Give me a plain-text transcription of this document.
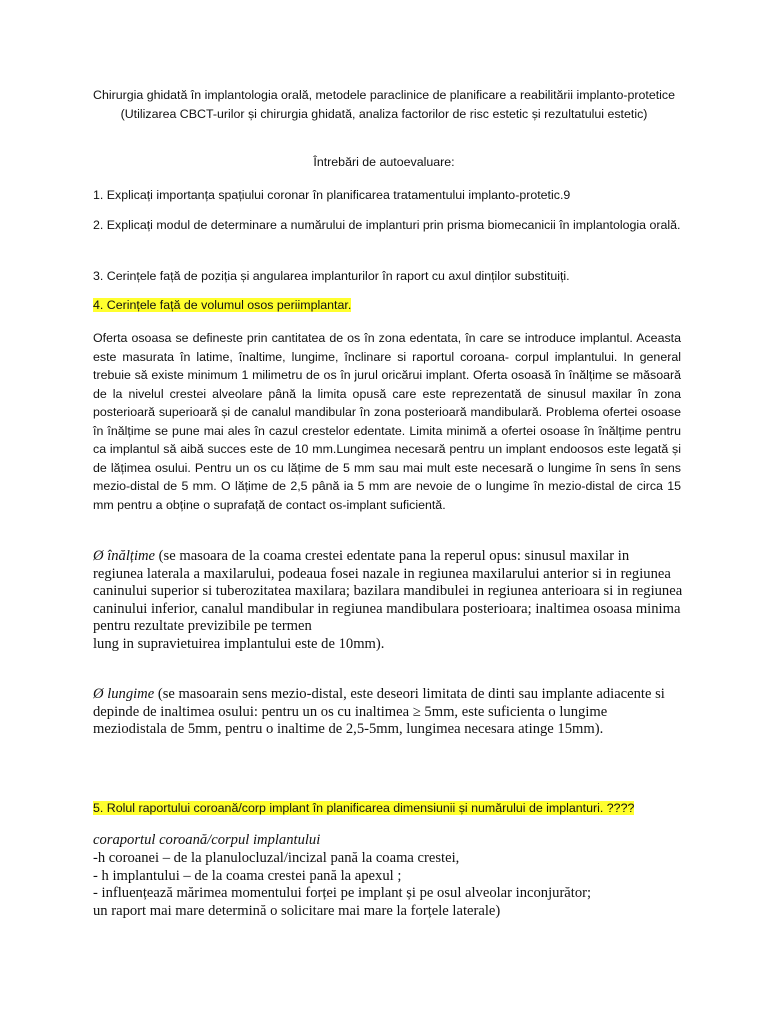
Chirurgia ghidată în implantologia orală, metodele paraclinice de planificare a reabilitării implanto-protetice (Utilizarea CBCT-urilor și chirurgia ghidată, analiza factorilor de risc estetic și rezultatului estetic)

Întrebări de autoevaluare:

1. Explicați importanța spațiului coronar în planificarea tratamentului implanto-protetic.9

2. Explicați modul de determinare a numărului de implanturi prin prisma biomecanicii în implantologia orală.

3. Cerințele față de poziția și angularea implanturilor în raport cu axul dinților substituiți.

4. Cerințele față de volumul osos periimplantar.

Oferta osoasa se defineste prin cantitatea de os în zona edentata, în care se introduce implantul. Aceasta este masurata în latime, înaltime, lungime, înclinare si raportul coroana- corpul implantului. In general trebuie să existe minimum 1 milimetru de os în jurul oricărui implant. Oferta osoasă în înălțime se măsoară de la nivelul crestei alveolare până la limita opusă care este reprezentată de sinusul maxilar în zona posterioară superioară și de canalul mandibular în zona posterioară mandibulară. Problema ofertei osoase în înălțime se pune mai ales în cazul crestelor edentate. Limita minimă a ofertei osoase în înălțime pentru ca implantul să aibă succes este de 10 mm.Lungimea necesară pentru un implant endoosos este legată și de lățimea osului. Pentru un os cu lățime de 5 mm sau mai mult este necesară o lungime în sens în sens mezio-distal de 5 mm. O lățime de 2,5 până ia 5 mm are nevoie de o lungime în mezio-distal de circa 15 mm pentru a obține o suprafață de contact os-implant suficientă.

Ø înălțime (se masoara de la coama crestei edentate pana la reperul opus: sinusul maxilar in regiunea laterala a maxilarului, podeaua fosei nazale in regiunea maxilarului anterior si in regiunea caninului superior si tuberozitatea maxilara; bazilara mandibulei in regiunea anterioara si in regiunea caninului inferior, canalul mandibular in regiunea mandibulara posterioara; inaltimea osoasa minima pentru rezultate previzibile pe termen
lung in supravietuirea implantului este de 10mm).

Ø lungime (se masoarain sens mezio-distal, este deseori limitata de dinti sau implante adiacente si depinde de inaltimea osului: pentru un os cu inaltimea ≥ 5mm, este suficienta o lungime meziodistala de 5mm, pentru o inaltime de 2,5-5mm, lungimea necesara atinge 15mm).

5. Rolul raportului coroană/corp implant în planificarea dimensiunii și numărului de implanturi. ????

coraportul coroană/corpul implantului

-h coroanei – de la planulocluzal/incizal pană la coama crestei,
- h implantului – de la coama crestei pană la apexul ;
- influențează mărimea momentului forței pe implant și pe osul alveolar inconjurător;
un raport mai mare determină o solicitare mai mare la forțele laterale)
